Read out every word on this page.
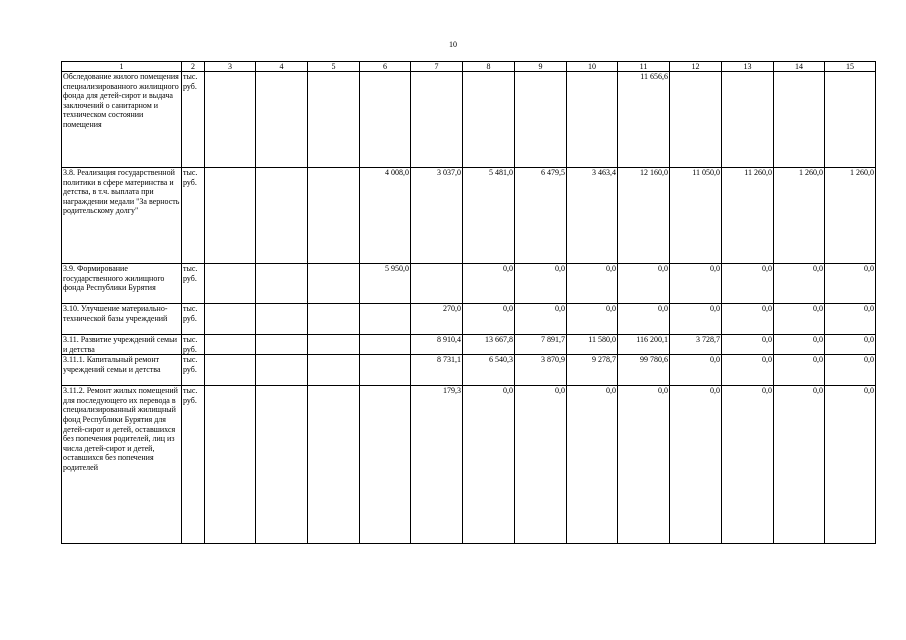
10
1	2	3	4	5	6	7	8	9	10	11	12	13	14	15
Обследование жилого помещения специализированного жилищного фонда для детей-сирот и выдача заключений о санитарном и техническом состоянии помещения	тыс. руб.									11 656,6				
3.8. Реализация государственной политики в сфере материнства и детства, в т.ч. выплата при награждении медали "За верность родительскому долгу"	тыс. руб.				4 008,0	3 037,0	5 481,0	6 479,5	3 463,4	12 160,0	11 050,0	11 260,0	1 260,0	1 260,0
3.9. Формирование государственного жилищного фонда Республики Бурятия	тыс. руб.				5 950,0		0,0	0,0	0,0	0,0	0,0	0,0	0,0	0,0
3.10. Улучшение материально-технической базы учреждений	тыс. руб.					270,0	0,0	0,0	0,0	0,0	0,0	0,0	0,0	0,0
3.11. Развитие учреждений семьи и детства	тыс. руб.					8 910,4	13 667,8	7 891,7	11 580,0	116 200,1	3 728,7	0,0	0,0	0,0
3.11.1. Капитальный ремонт учреждений семьи и детства	тыс. руб.					8 731,1	6 540,3	3 870,9	9 278,7	99 780,6	0,0	0,0	0,0	0,0
3.11.2. Ремонт жилых помещений для последующего их перевода в специализированный жилищный фонд Республики Бурятия для детей-сирот и детей, оставшихся без попечения родителей, лиц из числа детей-сирот и детей, оставшихся без попечения родителей	тыс. руб.					179,3	0,0	0,0	0,0	0,0	0,0	0,0	0,0	0,0
